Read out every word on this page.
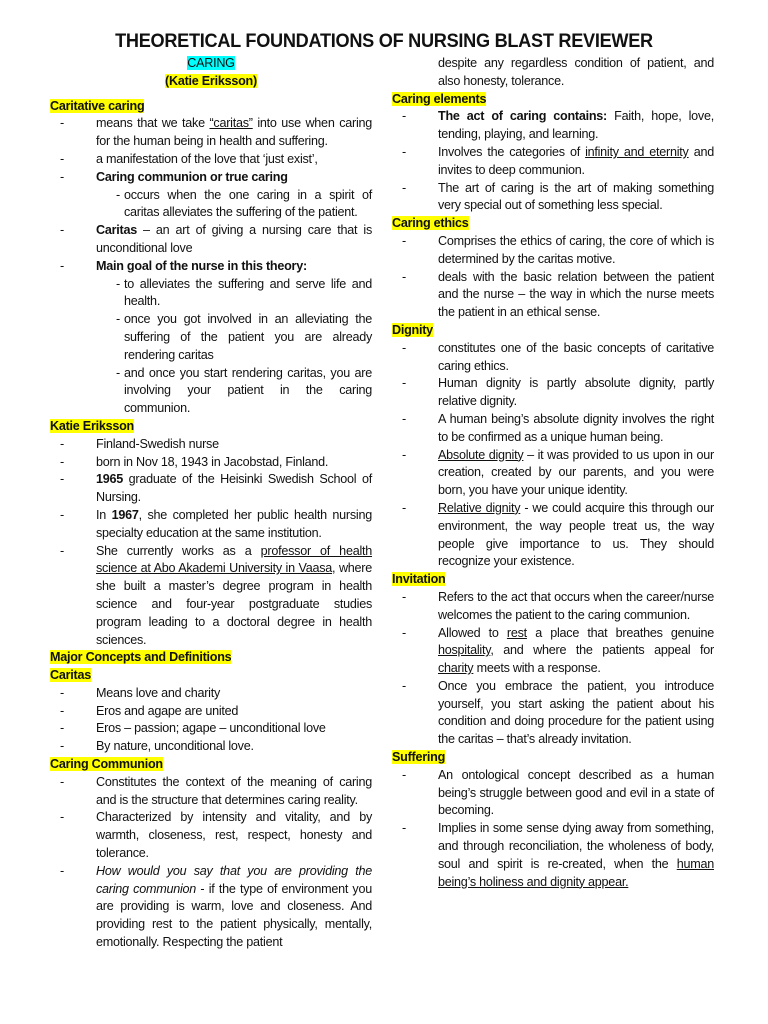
THEORETICAL FOUNDATIONS OF NURSING BLAST REVIEWER
CARING
(Katie Eriksson)
Caritative caring
- means that we take “caritas” into use when caring for the human being in health and suffering.
- a manifestation of the love that ‘just exist’,
- Caring communion or true caring
- occurs when the one caring in a spirit of caritas alleviates the suffering of the patient.
- Caritas – an art of giving a nursing care that is unconditional love
- Main goal of the nurse in this theory:
- to alleviates the suffering and serve life and health.
- once you got involved in an alleviating the suffering of the patient you are already rendering caritas
- and once you start rendering caritas, you are involving your patient in the caring communion.
Katie Eriksson
- Finland-Swedish nurse
- born in Nov 18, 1943 in Jacobstad, Finland.
- 1965 graduate of the Heisinki Swedish School of Nursing.
- In 1967, she completed her public health nursing specialty education at the same institution.
- She currently works as a professor of health science at Abo Akademi University in Vaasa, where she built a master’s degree program in health science and four-year postgraduate studies program leading to a doctoral degree in health sciences.
Major Concepts and Definitions
Caritas
- Means love and charity
- Eros and agape are united
- Eros – passion; agape – unconditional love
- By nature, unconditional love.
Caring Communion
- Constitutes the context of the meaning of caring and is the structure that determines caring reality.
- Characterized by intensity and vitality, and by warmth, closeness, rest, respect, honesty and tolerance.
- How would you say that you are providing the caring communion - if the type of environment you are providing is warm, love and closeness. And providing rest to the patient physically, mentally, emotionally. Respecting the patient
despite any regardless condition of patient, and also honesty, tolerance.
Caring elements
- The act of caring contains: Faith, hope, love, tending, playing, and learning.
- Involves the categories of infinity and eternity and invites to deep communion.
- The art of caring is the art of making something very special out of something less special.
Caring ethics
- Comprises the ethics of caring, the core of which is determined by the caritas motive.
- deals with the basic relation between the patient and the nurse – the way in which the nurse meets the patient in an ethical sense.
Dignity
- constitutes one of the basic concepts of caritative caring ethics.
- Human dignity is partly absolute dignity, partly relative dignity.
- A human being’s absolute dignity involves the right to be confirmed as a unique human being.
- Absolute dignity – it was provided to us upon in our creation, created by our parents, and you were born, you have your unique identity.
- Relative dignity - we could acquire this through our environment, the way people treat us, the way people give importance to us. They should recognize your existence.
Invitation
- Refers to the act that occurs when the career/nurse welcomes the patient to the caring communion.
- Allowed to rest a place that breathes genuine hospitality, and where the patients appeal for charity meets with a response.
- Once you embrace the patient, you introduce yourself, you start asking the patient about his condition and doing procedure for the patient using the caritas – that’s already invitation.
Suffering
- An ontological concept described as a human being’s struggle between good and evil in a state of becoming.
- Implies in some sense dying away from something, and through reconciliation, the wholeness of body, soul and spirit is re-created, when the human being’s holiness and dignity appear.
